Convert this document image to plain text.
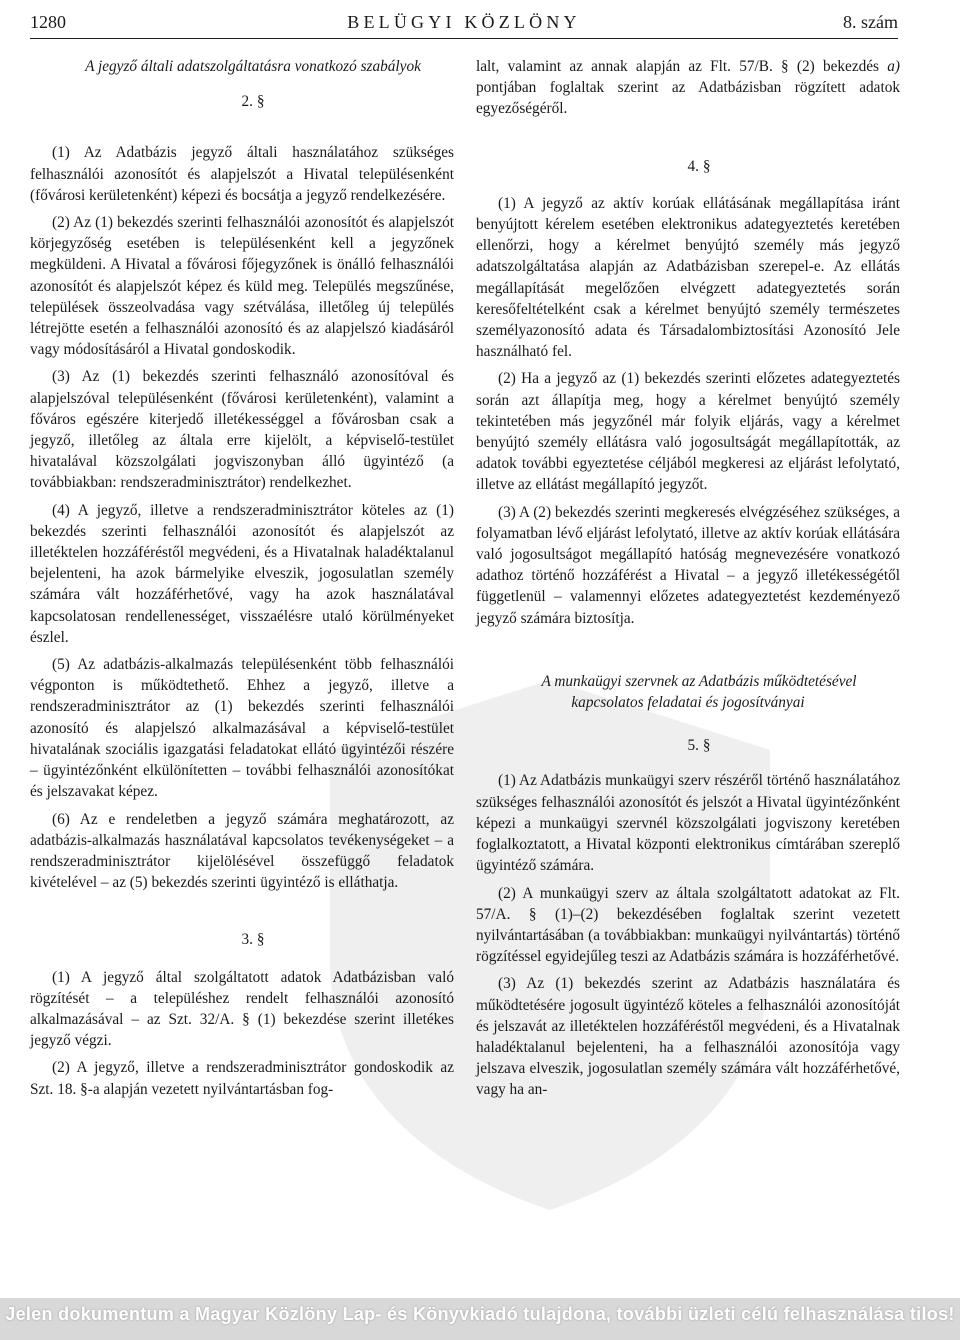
1280	BELÜGYI KÖZLÖNY	8. szám

A jegyző általi adatszolgáltatásra vonatkozó szabályok

2. §

(1) Az Adatbázis jegyző általi használatához szükséges felhasználói azonosítót és alapjelszót a Hivatal településenként (fővárosi kerületenként) képezi és bocsátja a jegyző rendelkezésére.

(2) Az (1) bekezdés szerinti felhasználói azonosítót és alapjelszót körjegyzőség esetében is településenként kell a jegyzőnek megküldeni. A Hivatal a fővárosi főjegyzőnek is önálló felhasználói azonosítót és alapjelszót képez és küld meg. Település megszűnése, települések összeolvadása vagy szétválása, illetőleg új település létrejötte esetén a felhasználói azonosító és az alapjelszó kiadásáról vagy módosításáról a Hivatal gondoskodik.

(3) Az (1) bekezdés szerinti felhasználó azonosítóval és alapjelszóval településenként (fővárosi kerületenként), valamint a főváros egészére kiterjedő illetékességgel a fővárosban csak a jegyző, illetőleg az általa erre kijelölt, a képviselő-testület hivatalával közszolgálati jogviszonyban álló ügyintéző (a továbbiakban: rendszeradminisztrátor) rendelkezhet.

(4) A jegyző, illetve a rendszeradminisztrátor köteles az (1) bekezdés szerinti felhasználói azonosítót és alapjelszót az illetéktelen hozzáféréstől megvédeni, és a Hivatalnak haladéktalanul bejelenteni, ha azok bármelyike elveszik, jogosulatlan személy számára vált hozzáférhetővé, vagy ha azok használatával kapcsolatosan rendellenességet, visszaélésre utaló körülményeket észlel.

(5) Az adatbázis-alkalmazás településenként több felhasználói végponton is működtethető. Ehhez a jegyző, illetve a rendszeradminisztrátor az (1) bekezdés szerinti felhasználói azonosító és alapjelszó alkalmazásával a képviselő-testület hivatalának szociális igazgatási feladatokat ellátó ügyintézői részére – ügyintézőnként elkülönítetten – további felhasználói azonosítókat és jelszavakat képez.

(6) Az e rendeletben a jegyző számára meghatározott, az adatbázis-alkalmazás használatával kapcsolatos tevékenységeket – a rendszeradminisztrátor kijelölésével összefüggő feladatok kivételével – az (5) bekezdés szerinti ügyintéző is elláthatja.

3. §

(1) A jegyző által szolgáltatott adatok Adatbázisban való rögzítését – a településhez rendelt felhasználói azonosító alkalmazásával – az Szt. 32/A. § (1) bekezdése szerint illetékes jegyző végzi.

(2) A jegyző, illetve a rendszeradminisztrátor gondoskodik az Szt. 18. §-a alapján vezetett nyilvántartásban fog-

lalt, valamint az annak alapján az Flt. 57/B. § (2) bekezdés a) pontjában foglaltak szerint az Adatbázisban rögzített adatok egyezőségéről.

4. §

(1) A jegyző az aktív korúak ellátásának megállapítása iránt benyújtott kérelem esetében elektronikus adategyeztetés keretében ellenőrzi, hogy a kérelmet benyújtó személy más jegyző adatszolgáltatása alapján az Adatbázisban szerepel-e. Az ellátás megállapítását megelőzően elvégzett adategyeztetés során keresőfeltételként csak a kérelmet benyújtó személy természetes személyazonosító adata és Társadalombiztosítási Azonosító Jele használható fel.

(2) Ha a jegyző az (1) bekezdés szerinti előzetes adategyeztetés során azt állapítja meg, hogy a kérelmet benyújtó személy tekintetében más jegyzőnél már folyik eljárás, vagy a kérelmet benyújtó személy ellátásra való jogosultságát megállapították, az adatok további egyeztetése céljából megkeresi az eljárást lefolytató, illetve az ellátást megállapító jegyzőt.

(3) A (2) bekezdés szerinti megkeresés elvégzéséhez szükséges, a folyamatban lévő eljárást lefolytató, illetve az aktív korúak ellátására való jogosultságot megállapító hatóság megnevezésére vonatkozó adathoz történő hozzáférést a Hivatal – a jegyző illetékességétől függetlenül – valamennyi előzetes adategyeztetést kezdeményező jegyző számára biztosítja.

A munkaügyi szervnek az Adatbázis működtetésével kapcsolatos feladatai és jogosítványai

5. §

(1) Az Adatbázis munkaügyi szerv részéről történő használatához szükséges felhasználói azonosítót és jelszót a Hivatal ügyintézőnként képezi a munkaügyi szervnél közszolgálati jogviszony keretében foglalkoztatott, a Hivatal központi elektronikus címtárában szereplő ügyintéző számára.

(2) A munkaügyi szerv az általa szolgáltatott adatokat az Flt. 57/A. § (1)–(2) bekezdésében foglaltak szerint vezetett nyilvántartásában (a továbbiakban: munkaügyi nyilvántartás) történő rögzítéssel egyidejűleg teszi az Adatbázis számára is hozzáférhetővé.

(3) Az (1) bekezdés szerint az Adatbázis használatára és működtetésére jogosult ügyintéző köteles a felhasználói azonosítóját és jelszavát az illetéktelen hozzáféréstől megvédeni, és a Hivatalnak haladéktalanul bejelenteni, ha a felhasználói azonosítója vagy jelszava elveszik, jogosulatlan személy számára vált hozzáférhetővé, vagy ha an-

Jelen dokumentum a Magyar Közlöny Lap- és Könyvkiadó tulajdona, további üzleti célú felhasználása tilos!
